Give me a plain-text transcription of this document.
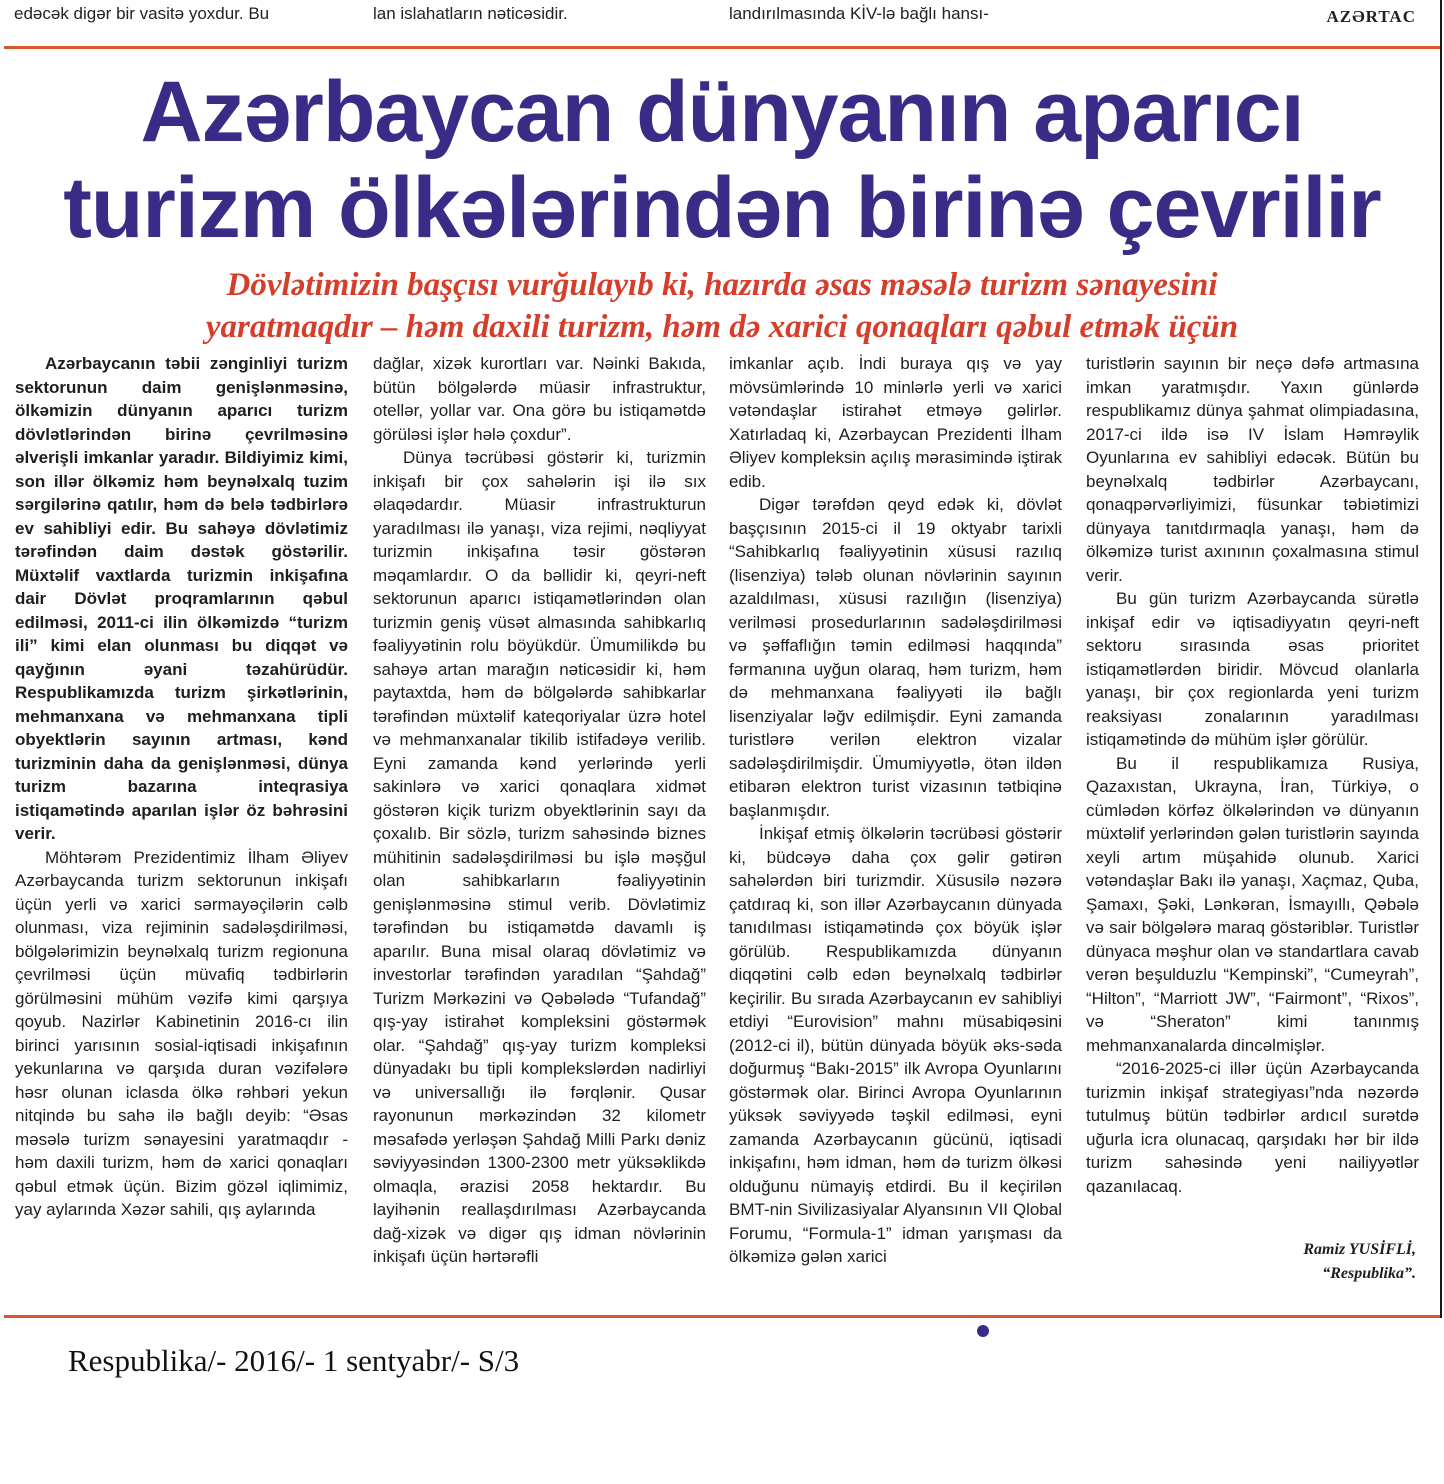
edəcək digər bir vasitə yoxdur. Bu	lan islahatların nəticəsidir.	landırılmasında KİV-lə bağlı hansı-	AZƏRTAC
Azərbaycan dünyanın aparıcı
turizm ölkələrindən birinə çevrilir
Dövlətimizin başçısı vurğulayıb ki, hazırda əsas məsələ turizm sənayesini
yaratmaqdır – həm daxili turizm, həm də xarici qonaqları qəbul etmək üçün

Azərbaycanın təbii zənginliyi turizm sektorunun daim genişlənməsinə, ölkəmizin dünyanın aparıcı turizm dövlətlərindən birinə çevrilməsinə əlverişli imkanlar yaradır. Bildiyimiz kimi, son illər ölkəmiz həm beynəlxalq tuzim sərgilərinə qatılır, həm də belə tədbirlərə ev sahibliyi edir. Bu sahəyə dövlətimiz tərəfindən daim dəstək göstərilir. Müxtəlif vaxtlarda turizmin inkişafına dair Dövlət proqramlarının qəbul edilməsi, 2011-ci ilin ölkəmizdə “turizm ili” kimi elan olunması bu diqqət və qayğının əyani təzahürüdür. Respublikamızda turizm şirkətlərinin, mehmanxana və mehmanxana tipli obyektlərin sayının artması, kənd turizminin daha da genişlənməsi, dünya turizm bazarına inteqrasiya istiqamətində aparılan işlər öz bəhrəsini verir.

Möhtərəm Prezidentimiz İlham Əliyev Azərbaycanda turizm sektorunun inkişafı üçün yerli və xarici sərmayəçilərin cəlb olunması, viza rejiminin sadələşdirilməsi, bölgələrimizin beynəlxalq turizm regionuna çevrilməsi üçün müvafiq tədbirlərin görülməsini mühüm vəzifə kimi qarşıya qoyub. Nazirlər Kabinetinin 2016-cı ilin birinci yarısının sosial-iqtisadi inkişafının yekunlarına və qarşıda duran vəzifələrə həsr olunan iclasda ölkə rəhbəri yekun nitqində bu sahə ilə bağlı deyib: “Əsas məsələ turizm sənayesini yaratmaqdır - həm daxili turizm, həm də xarici qonaqları qəbul etmək üçün. Bizim gözəl iqlimimiz, yay aylarında Xəzər sahili, qış aylarında

dağlar, xizək kurortları var. Nəinki Bakıda, bütün bölgələrdə müasir infrastruktur, otellər, yollar var. Ona görə bu istiqamətdə görüləsi işlər hələ çoxdur”.

Dünya təcrübəsi göstərir ki, turizmin inkişafı bir çox sahələrin işi ilə sıx əlaqədardır. Müasir infrastrukturun yaradılması ilə yanaşı, viza rejimi, nəqliyyat turizmin inkişafına təsir göstərən məqamlardır. O da bəllidir ki, qeyri-neft sektorunun aparıcı istiqamətlərindən olan turizmin geniş vüsət almasında sahibkarlıq fəaliyyətinin rolu böyükdür. Ümumilikdə bu sahəyə artan marağın nəticəsidir ki, həm paytaxtda, həm də bölgələrdə sahibkarlar tərəfindən müxtəlif kateqoriyalar üzrə hotel və mehmanxanalar tikilib istifadəyə verilib. Eyni zamanda kənd yerlərində yerli sakinlərə və xarici qonaqlara xidmət göstərən kiçik turizm obyektlərinin sayı da çoxalıb. Bir sözlə, turizm sahəsində biznes mühitinin sadələşdirilməsi bu işlə məşğul olan sahibkarların fəaliyyətinin genişlənməsinə stimul verib. Dövlətimiz tərəfindən bu istiqamətdə davamlı iş aparılır. Buna misal olaraq dövlətimiz və investorlar tərəfindən yaradılan “Şahdağ” Turizm Mərkəzini və Qəbələdə “Tufandağ” qış-yay istirahət kompleksini göstərmək olar. “Şahdağ” qış-yay turizm kompleksi dünyadakı bu tipli komplekslərdən nadirliyi və universallığı ilə fərqlənir. Qusar rayonunun mərkəzindən 32 kilometr məsafədə yerləşən Şahdağ Milli Parkı dəniz səviyyəsindən 1300-2300 metr yüksəklikdə olmaqla, ərazisi 2058 hektardır. Bu layihənin reallaşdırılması Azərbaycanda dağ-xizək və digər qış idman növlərinin inkişafı üçün hərtərəfli

imkanlar açıb. İndi buraya qış və yay mövsümlərində 10 minlərlə yerli və xarici vətəndaşlar istirahət etməyə gəlirlər. Xatırladaq ki, Azərbaycan Prezidenti İlham Əliyev kompleksin açılış mərasimində iştirak edib.

Digər tərəfdən qeyd edək ki, dövlət başçısının 2015-ci il 19 oktyabr tarixli “Sahibkarlıq fəaliyyətinin xüsusi razılıq (lisenziya) tələb olunan növlərinin sayının azaldılması, xüsusi razılığın (lisenziya) verilməsi prosedurlarının sadələşdirilməsi və şəffaflığın təmin edilməsi haqqında” fərmanına uyğun olaraq, həm turizm, həm də mehmanxana fəaliyyəti ilə bağlı lisenziyalar ləğv edilmişdir. Eyni zamanda turistlərə verilən elektron vizalar sadələşdirilmişdir. Ümumiyyətlə, ötən ildən etibarən elektron turist vizasının tətbiqinə başlanmışdır.

İnkişaf etmiş ölkələrin təcrübəsi göstərir ki, büdcəyə daha çox gəlir gətirən sahələrdən biri turizmdir. Xüsusilə nəzərə çatdıraq ki, son illər Azərbaycanın dünyada tanıdılması istiqamətində çox böyük işlər görülüb. Respublikamızda dünyanın diqqətini cəlb edən beynəlxalq tədbirlər keçirilir. Bu sırada Azərbaycanın ev sahibliyi etdiyi “Eurovision” mahnı müsabiqəsini (2012-ci il), bütün dünyada böyük əks-səda doğurmuş “Bakı-2015” ilk Avropa Oyunlarını göstərmək olar. Birinci Avropa Oyunlarının yüksək səviyyədə təşkil edilməsi, eyni zamanda Azərbaycanın gücünü, iqtisadi inkişafını, həm idman, həm də turizm ölkəsi olduğunu nümayiş etdirdi. Bu il keçirilən BMT-nin Sivilizasiyalar Alyansının VII Qlobal Forumu, “Formula-1” idman yarışması da ölkəmizə gələn xarici

turistlərin sayının bir neçə dəfə artmasına imkan yaratmışdır. Yaxın günlərdə respublikamız dünya şahmat olimpiadasına, 2017-ci ildə isə IV İslam Həmrəylik Oyunlarına ev sahibliyi edəcək. Bütün bu beynəlxalq tədbirlər Azərbaycanı, qonaqpərvərliyimizi, füsunkar təbiətimizi dünyaya tanıtdırmaqla yanaşı, həm də ölkəmizə turist axınının çoxalmasına stimul verir.

Bu gün turizm Azərbaycanda sürətlə inkişaf edir və iqtisadiyyatın qeyri-neft sektoru sırasında əsas prioritet istiqamətlərdən biridir. Mövcud olanlarla yanaşı, bir çox regionlarda yeni turizm reaksiyası zonalarının yaradılması istiqamətində də mühüm işlər görülür.

Bu il respublikamıza Rusiya, Qazaxıstan, Ukrayna, İran, Türkiyə, o cümlədən körfəz ölkələrindən və dünyanın müxtəlif yerlərindən gələn turistlərin sayında xeyli artım müşahidə olunub. Xarici vətəndaşlar Bakı ilə yanaşı, Xaçmaz, Quba, Şamaxı, Şəki, Lənkəran, İsmayıllı, Qəbələ və sair bölgələrə maraq göstəriblər. Turistlər dünyaca məşhur olan və standartlara cavab verən beşulduzlu “Kempinski”, “Cumeyrah”, “Hilton”, “Marriott JW”, “Fairmont”, “Rixos”, və “Sheraton” kimi tanınmış mehmanxanalarda dincəlmişlər.

“2016-2025-ci illər üçün Azərbaycanda turizmin inkişaf strategiyası”nda nəzərdə tutulmuş bütün tədbirlər ardıcıl surətdə uğurla icra olunacaq, qarşıdakı hər bir ildə turizm sahəsində yeni nailiyyətlər qazanılacaq.

Ramiz YUSİFLİ,
“Respublika”.
Respublika/- 2016/- 1 sentyabr/- S/3
